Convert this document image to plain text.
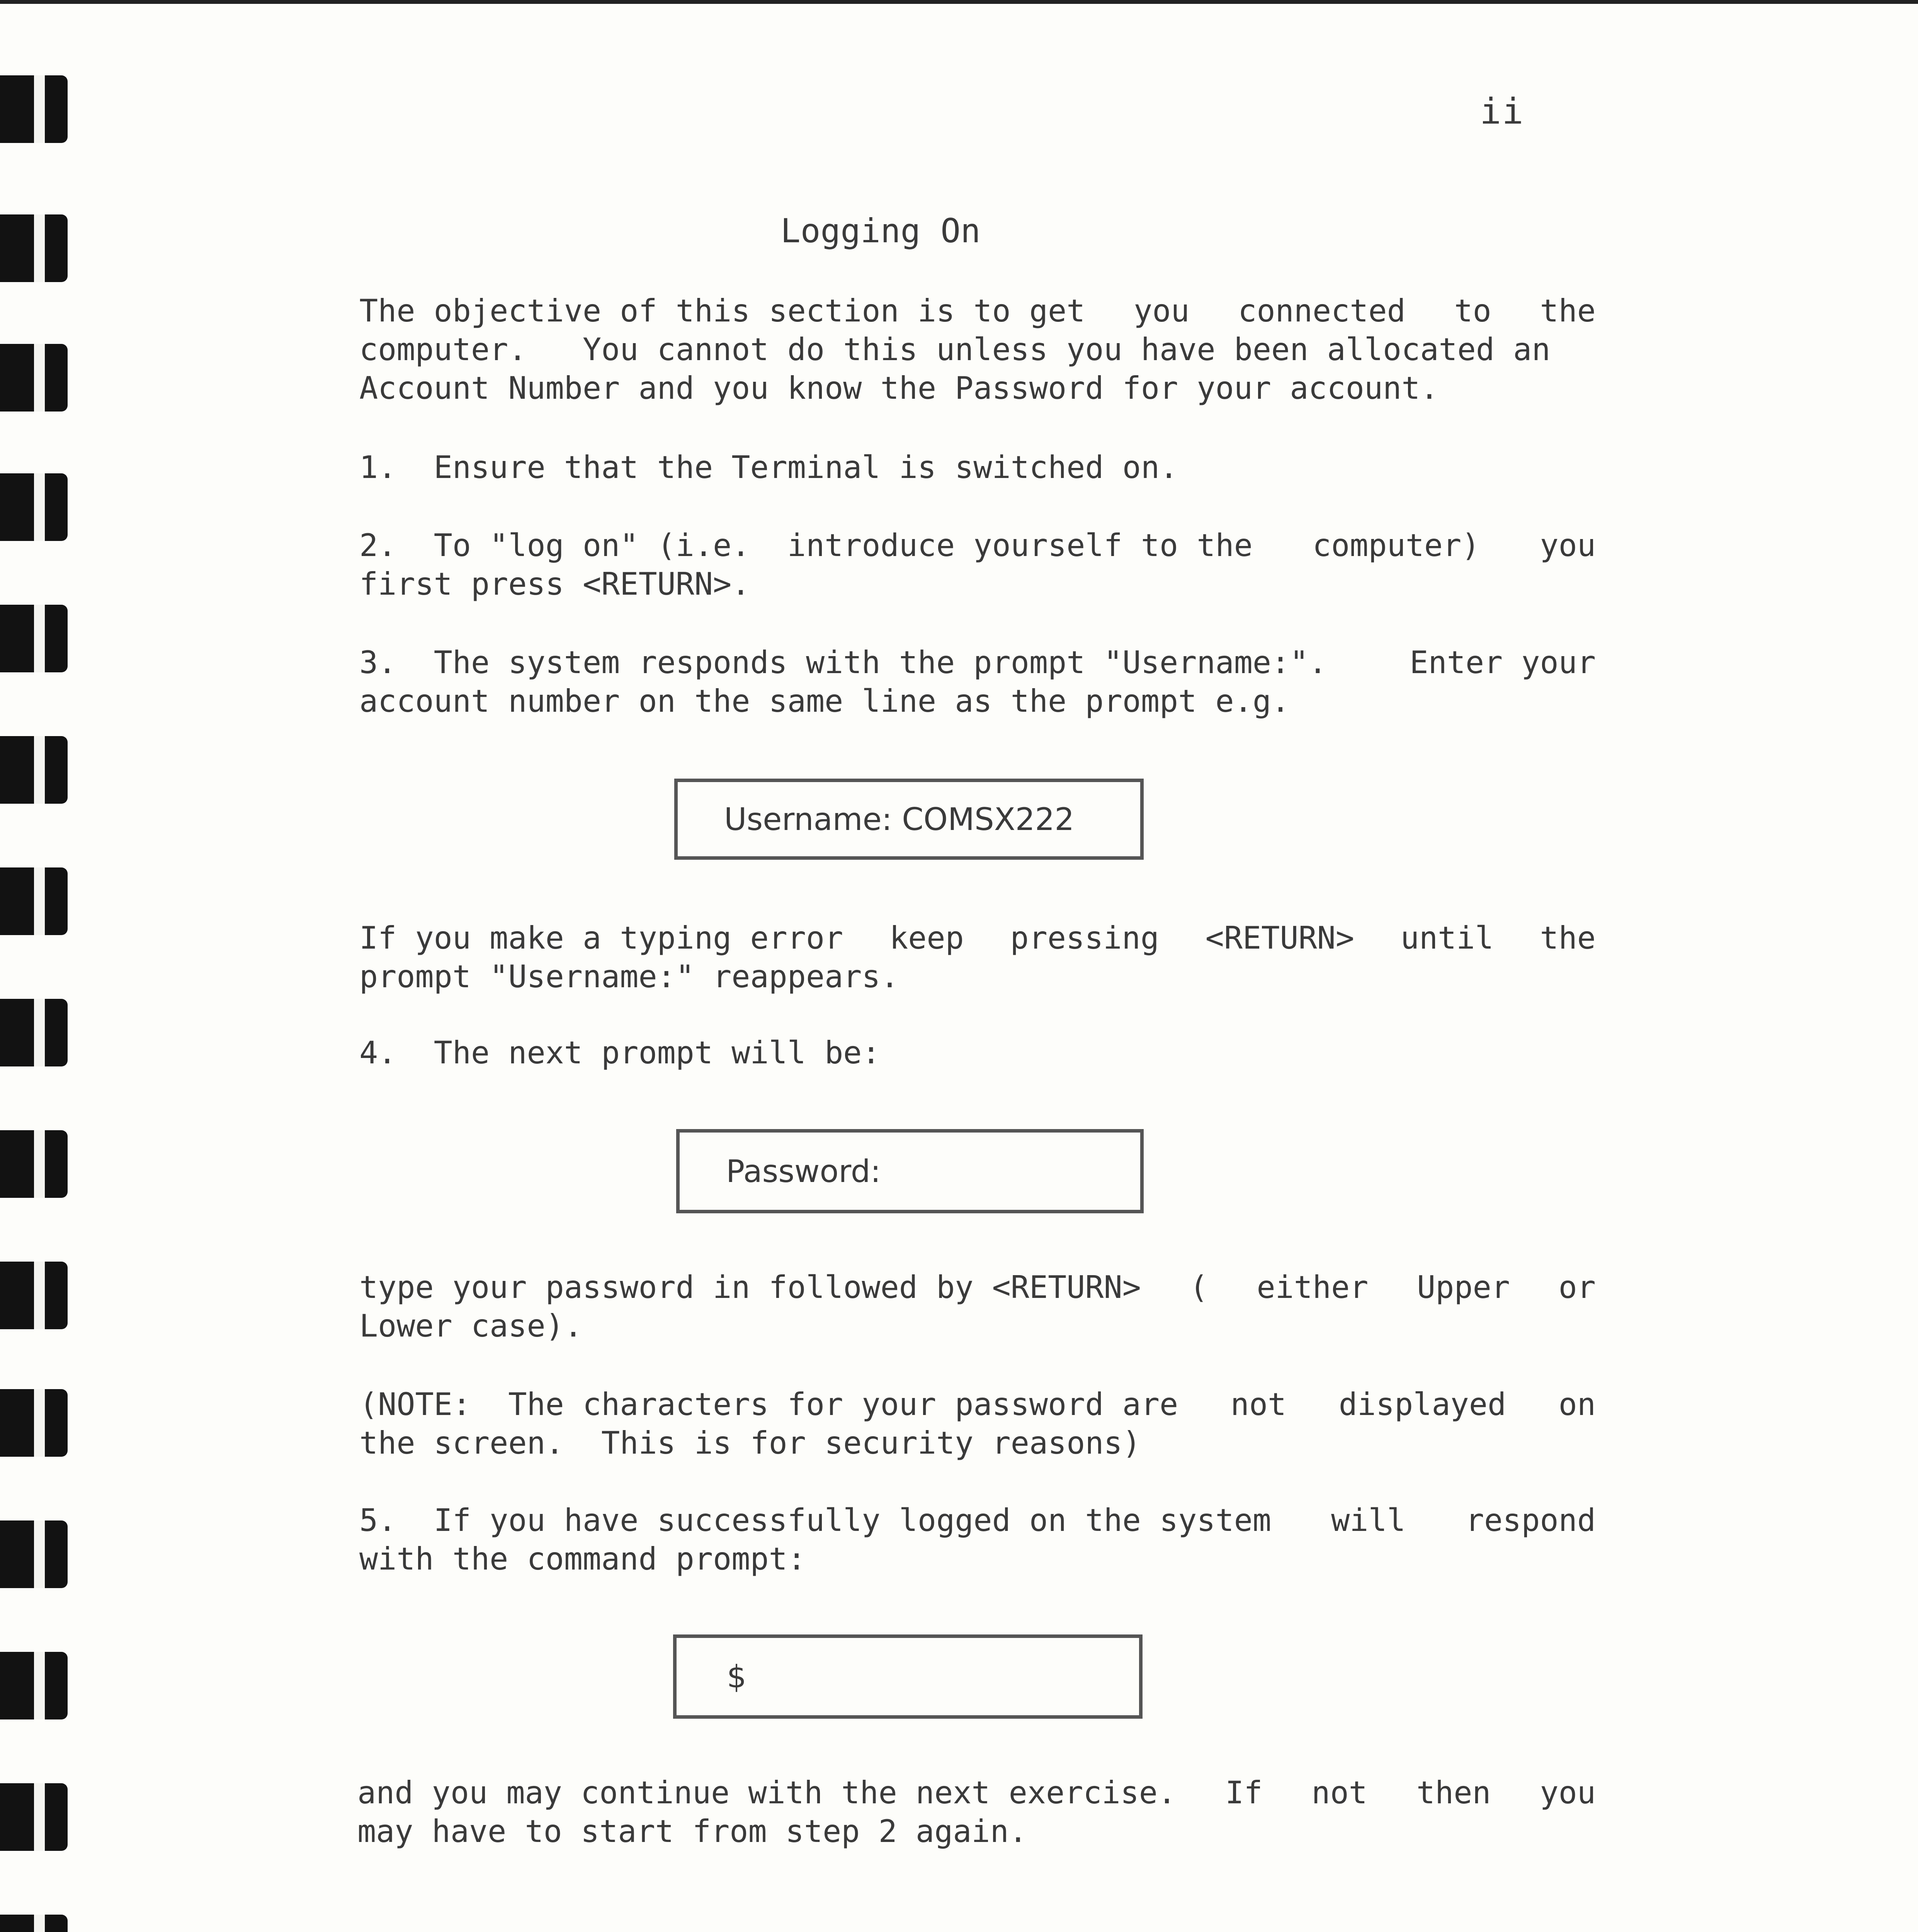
ii
Logging On
The objective of this section is to get you connected to the
computer.   You cannot do this unless you have been allocated an
Account Number and you know the Password for your account.
1.  Ensure that the Terminal is switched on.
2.  To "log on" (i.e.  introduce yourself to the computer) you
first press <RETURN>.
3.  The system responds with the prompt "Username:".	Enter your
account number on the same line as the prompt e.g.
Username: COMSX222
If you make a typing error keep pressing <RETURN> until the
prompt "Username:" reappears.
4.  The next prompt will be:
Password:
type your password in followed by <RETURN> ( either Upper or
Lower case).
(NOTE:  The characters for your password are not displayed on
the screen.  This is for security reasons)
5.  If you have successfully logged on the system will respond
with the command prompt:
$
and you may continue with the next exercise. If not then you
may have to start from step 2 again.
